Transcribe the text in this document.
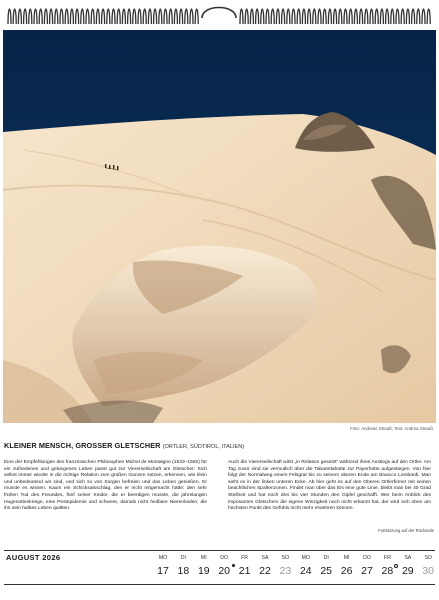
Foto: Andreas Strauß, Text: Andrea Strauß
KLEINER MENSCH, GROSSER GLETSCHER (ORTLER, SÜDTIROL, ITALIEN)
Eine der Empfehlungen des französischen Philosophen Michel de Montaigne (1533–1592) für ein zufriedenes und gelungenes Leben passt gut zur Viererseilschaft am Gletscher: Sich selbst immer wieder in die richtige Relation zum großen Ganzen setzen, erkennen, wie klein und unbedeutend wir sind, und sich so von Sorgen befreien und das Leben genießen. Er musste es wissen. Kaum ein Schicksalsschlag, den er nicht mitgemacht hätte: den sehr frühen Tod des Freundes, fünf seiner Kinder, die er beerdigen musste, die jahrelangen Hugenottenkriege, eine Pestepidemie und schwere, damals nicht heilbare Nierenleiden, die ihn sein halbes Leben quälten.
Auch die Viererseilschaft wirkt „in Relation gesetzt“ während ihres Anstiegs auf den Ortler. Am Tag zuvor sind sie vermutlich über die Tabarettahütte zur Payerhütte aufgestiegen. Von hier folgt der Normalweg einem Felsgrat bis zu seinem oberen Ende am Bivacco Lombardi. Man sieht es in der linken unteren Ecke. Ab hier geht es auf den Oberen Ortlerferner mit seinen beachtlichen Spaltenzonen. Findet man über das Eis eine gute Linie, bleibt man bei 40 Grad Steilheit und hat noch drei bis vier Stunden den Gipfel geschafft. Wer beim Anblick des imposanten Gletschers die eigene Winzigkeit noch nicht erkannt hat, der wird sich oben am höchsten Punkt des Gefühls nicht mehr erwehren können.
Fortsetzung auf der Rückseite
AUGUST 2026	MO
17
DI
18
MI
19
DO
20
FR
21
SA
22
SO
23
MO
24
DI
25
MI
26
DO
27
FR
28
SA
29
SO
30
